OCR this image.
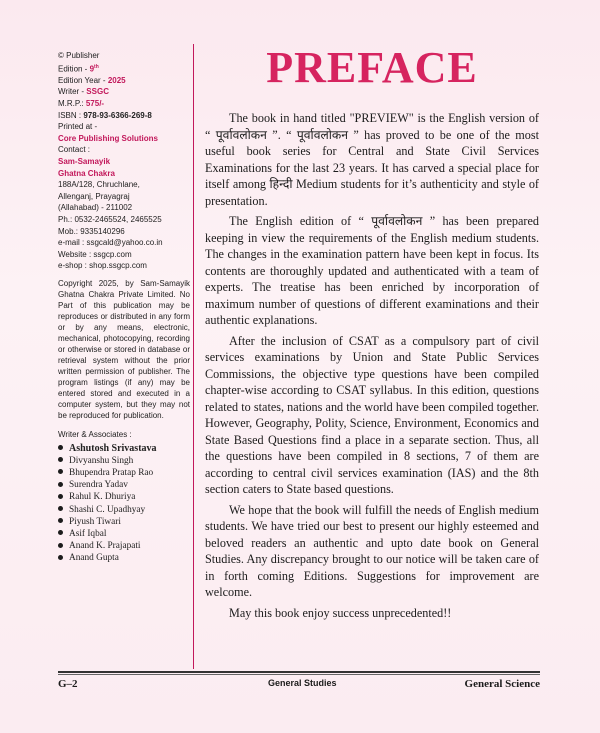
© Publisher
Edition - 9th
Edition Year - 2025
Writer - SSGC
M.R.P.: 575/-
ISBN : 978-93-6366-269-8
Printed at -
Core Publishing Solutions
Contact :
Sam-Samayik
Ghatna Chakra
188A/128, Chruchlane,
Allenganj, Prayagraj
(Allahabad) - 211002
Ph.: 0532-2465524, 2465525
Mob.: 9335140296
e-mail : ssgcald@yahoo.co.in
Website : ssgcp.com
e-shop : shop.ssgcp.com
Copyright 2025, by Sam-Samayik Ghatna Chakra Private Limited. No Part of this publication may be reproduces or distributed in any form or by any means, electronic, mechanical, photocopying, recording or otherwise or stored in database or retrieval system without the prior written permission of publisher. The program listings (if any) may be entered stored and executed in a computer system, but they may not be reproduced for publication.
Writer & Associates :
Ashutosh Srivastava
Divyanshu Singh
Bhupendra Pratap Rao
Surendra Yadav
Rahul K. Dhuriya
Shashi C. Upadhyay
Piyush Tiwari
Asif Iqbal
Anand K. Prajapati
Anand Gupta
PREFACE

The book in hand titled "PREVIEW" is the English version of “ पूर्वावलोकन ”. “ पूर्वावलोकन ” has proved to be one of the most useful book series for Central and State Civil Services Examinations for the last 23 years. It has carved a special place for itself among हिन्दी Medium students for it’s authenticity and style of presentation.

The English edition of “ पूर्वावलोकन ” has been prepared keeping in view the requirements of the English medium students. The changes in the examination pattern have been kept in focus. Its contents are thoroughly updated and authenticated with a team of experts. The treatise has been enriched by incorporation of maximum number of questions of different examinations and their authentic explanations.

After the inclusion of CSAT as a compulsory part of civil services examinations by Union and State Public Services Commissions, the objective type questions have been compiled chapter-wise according to CSAT syllabus. In this edition, questions related to states, nations and the world have been compiled together. However, Geography, Polity, Science, Environment, Economics and State Based Questions find a place in a separate section. Thus, all the questions have been compiled in 8 sections, 7 of them are according to central civil services examination (IAS) and the 8th section caters to State based questions.

We hope that the book will fulfill the needs of English medium students. We have tried our best to present our highly esteemed and beloved readers an authentic and upto date book on General Studies. Any discrepancy brought to our notice will be taken care of in forth coming Editions. Suggestions for improvement are welcome.

May this book enjoy success unprecedented!!

G–2	General Studies	General Science
